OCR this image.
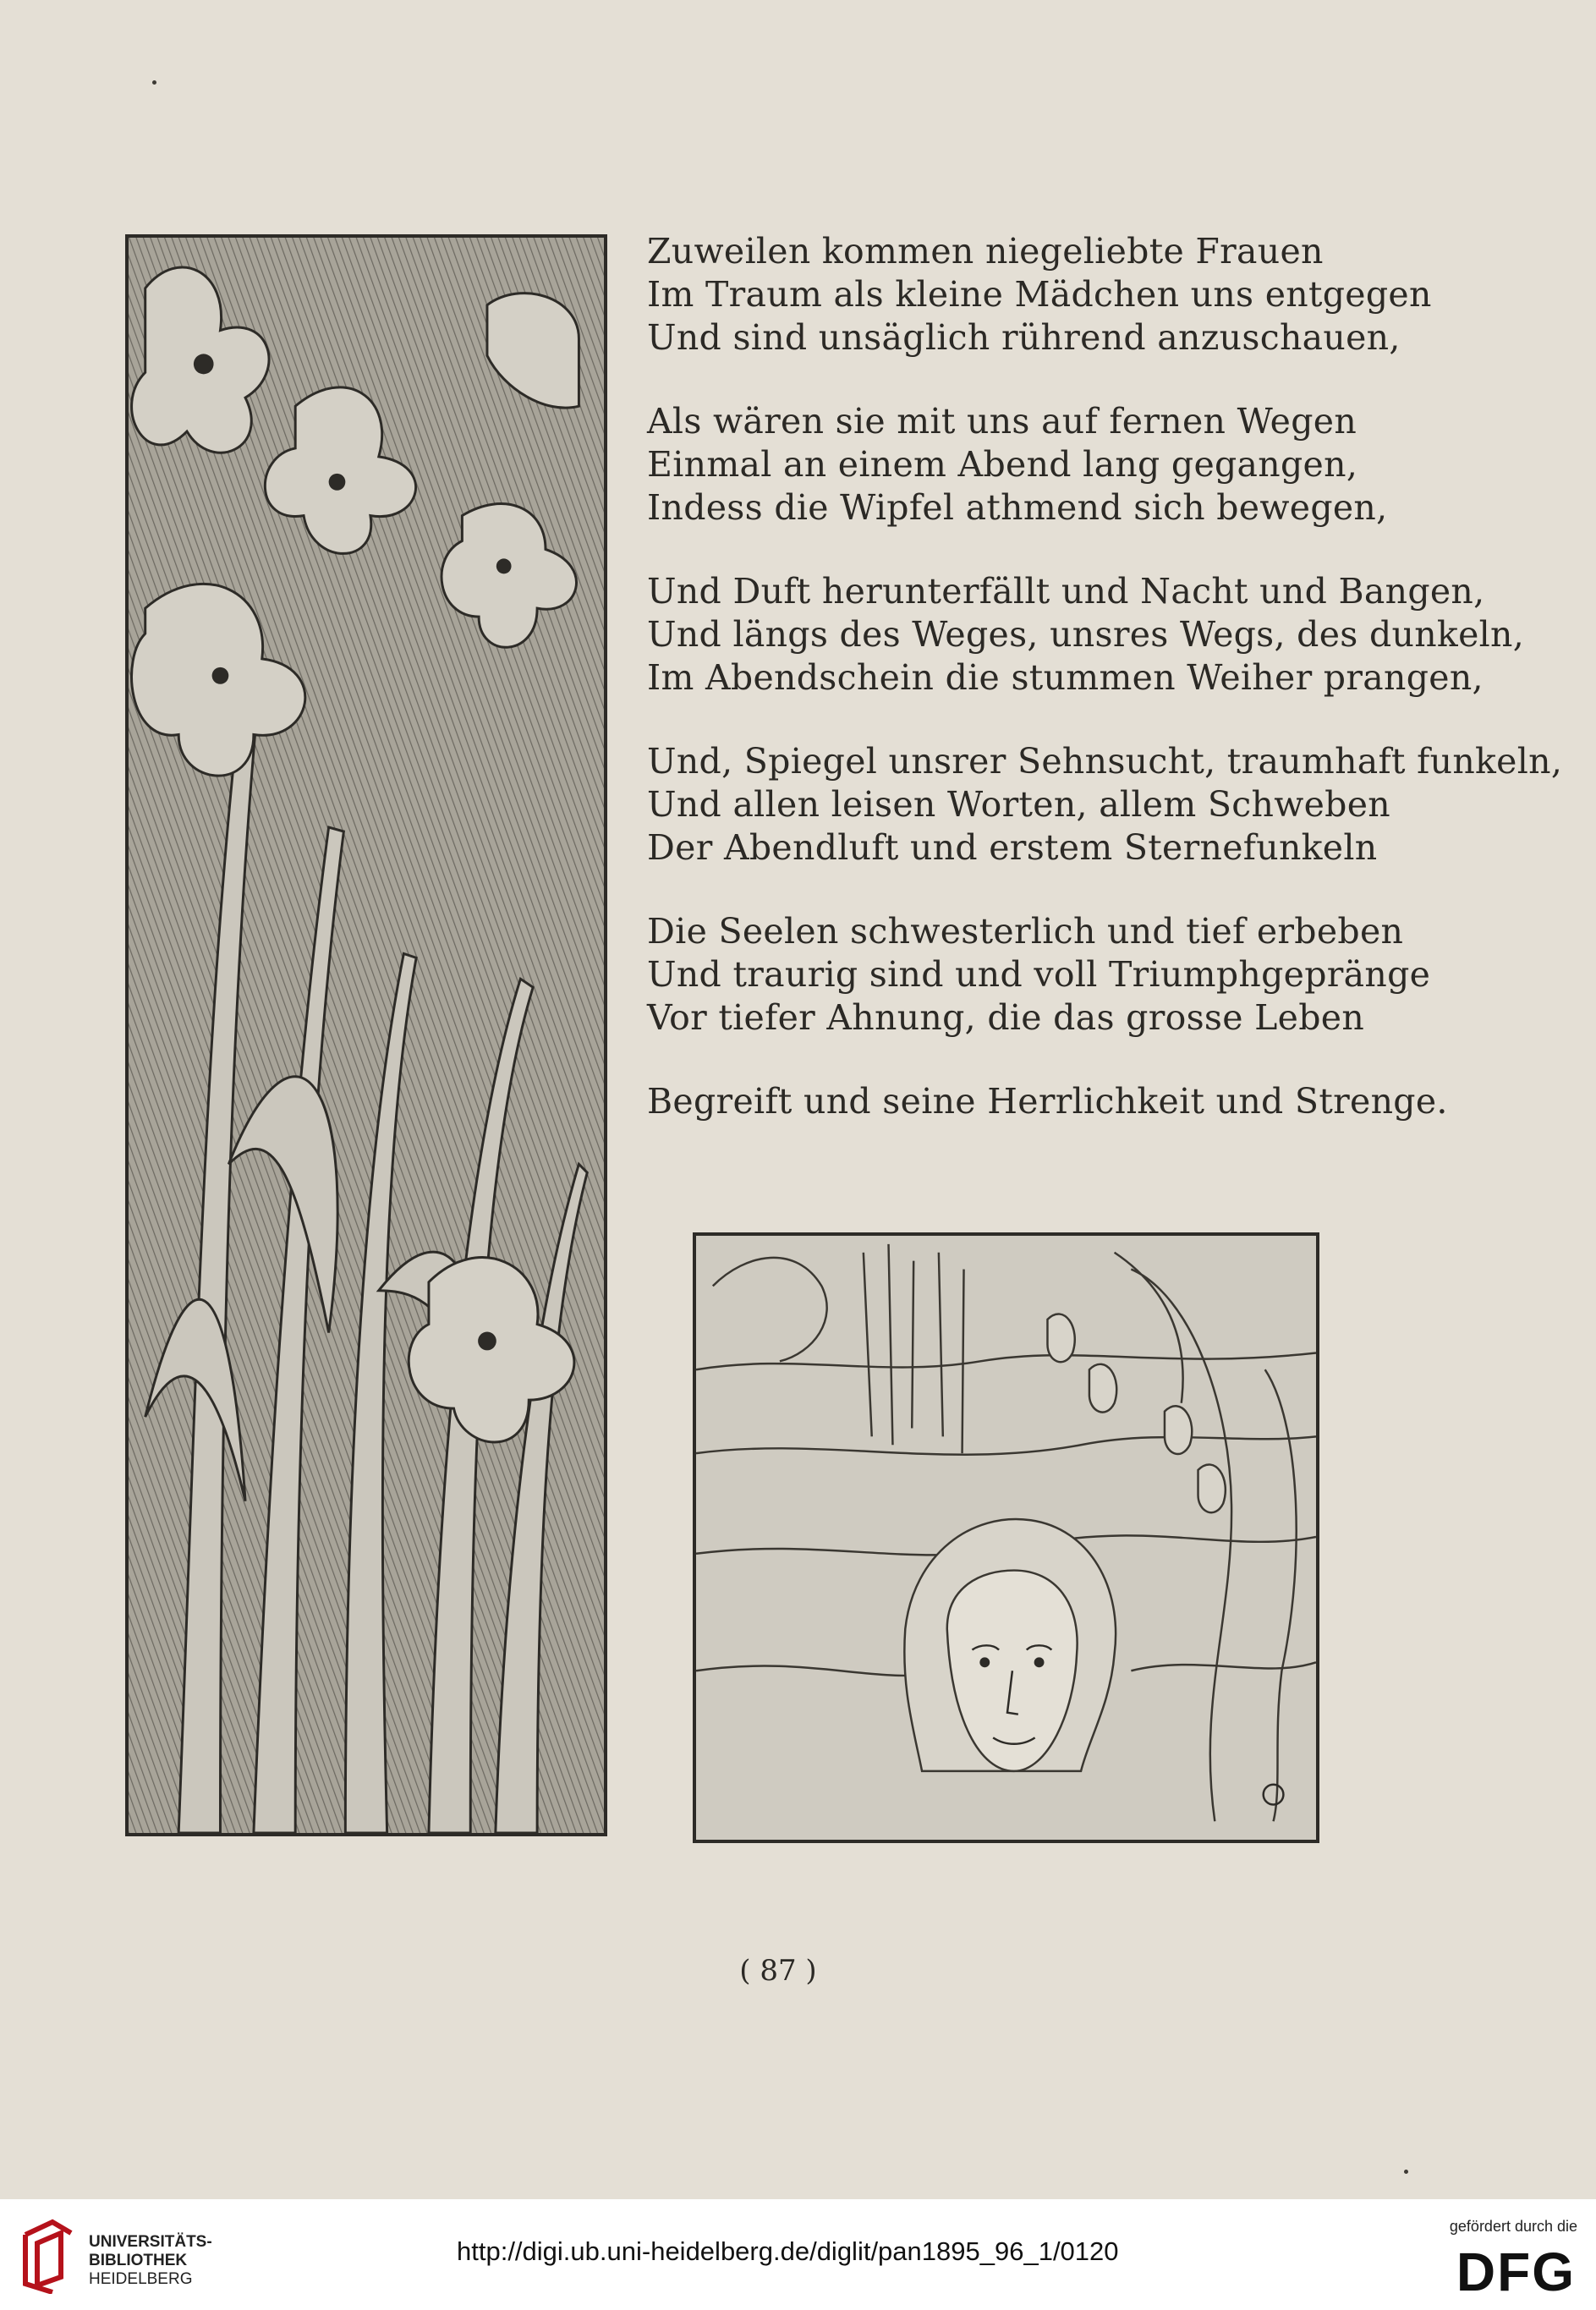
Zuweilen kommen niegeliebte Frauen
Im Traum als kleine Mädchen uns entgegen
Und sind unsäglich rührend anzuschauen,
Als wären sie mit uns auf fernen Wegen
Einmal an einem Abend lang gegangen,
Indess die Wipfel athmend sich bewegen,
Und Duft herunterfällt und Nacht und Bangen,
Und längs des Weges, unsres Wegs, des dunkeln,
Im Abendschein die stummen Weiher prangen,
Und, Spiegel unsrer Sehnsucht, traumhaft funkeln,
Und allen leisen Worten, allem Schweben
Der Abendluft und erstem Sternefunkeln
Die Seelen schwesterlich und tief erbeben
Und traurig sind und voll Triumphgepränge
Vor tiefer Ahnung, die das grosse Leben
Begreift und seine Herrlichkeit und Strenge.
( 87 )
UNIVERSITÄTS-
BIBLIOTHEK
HEIDELBERG
http://digi.ub.uni-heidelberg.de/diglit/pan1895_96_1/0120
gefördert durch die
DFG
